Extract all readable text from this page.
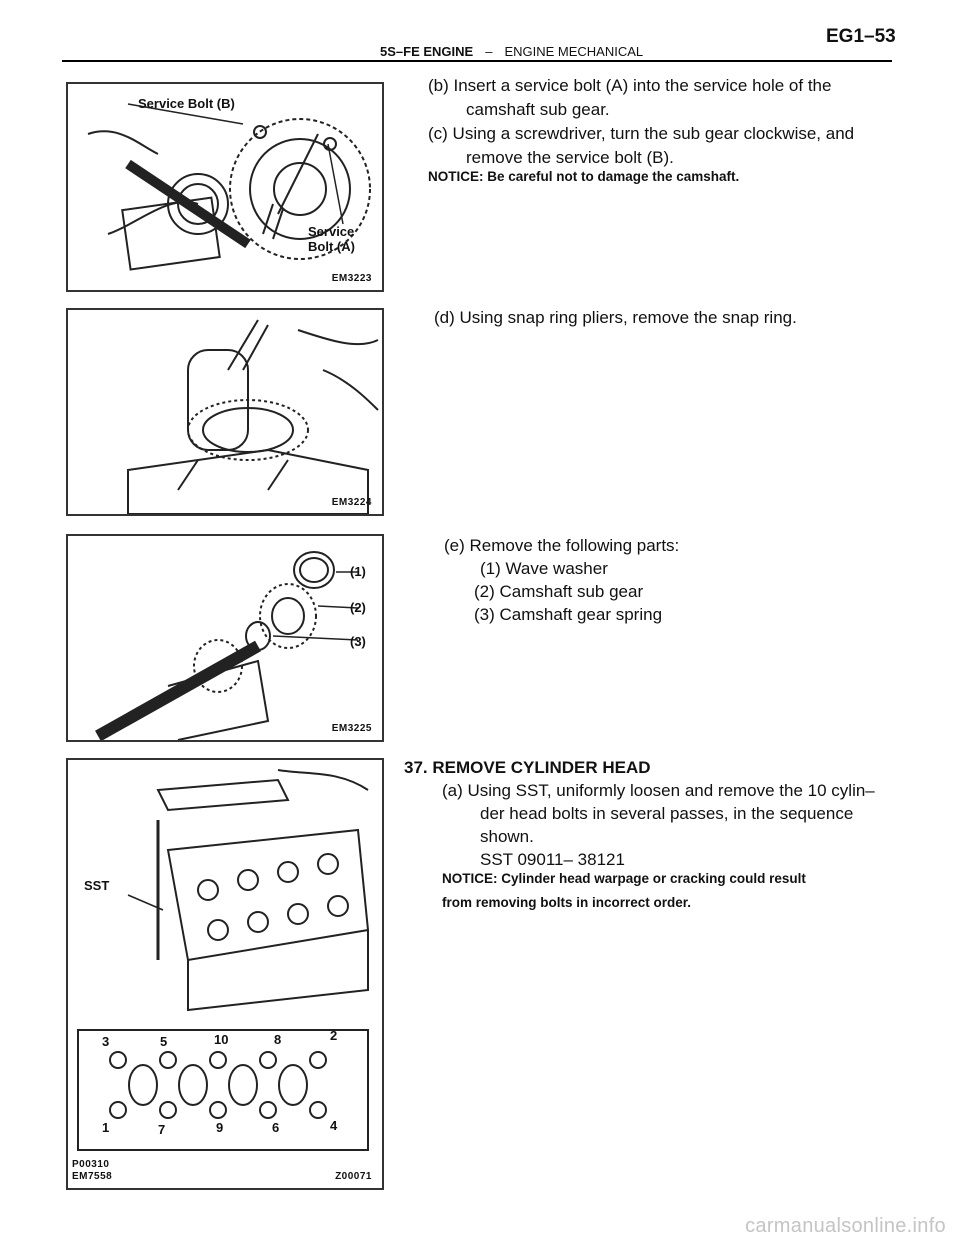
5S–FE ENGINE – ENGINE MECHANICAL
EG1–53
Service Bolt (B)
Service
Bolt (A)
EM3223
EM3224
(1)
(2)
(3)
EM3225
SST
3	5	10	8	2
1	7	9	6	4
P00310
EM7558	Z00071
(b) Insert a service bolt (A) into the service hole of the
camshaft sub gear.
(c) Using a screwdriver, turn the sub gear clockwise, and
remove the service bolt (B).
NOTICE: Be careful not to damage the camshaft.
(d) Using snap ring pliers, remove the snap ring.
(e) Remove the following parts:
(1) Wave washer
(2) Camshaft sub gear
(3) Camshaft gear spring
37. REMOVE CYLINDER HEAD
(a) Using SST, uniformly loosen and remove the 10 cylin–
der head bolts in several passes, in the sequence
shown.
SST 09011– 38121
NOTICE: Cylinder head warpage or cracking could result
from removing bolts in incorrect order.
carmanualsonline.info
